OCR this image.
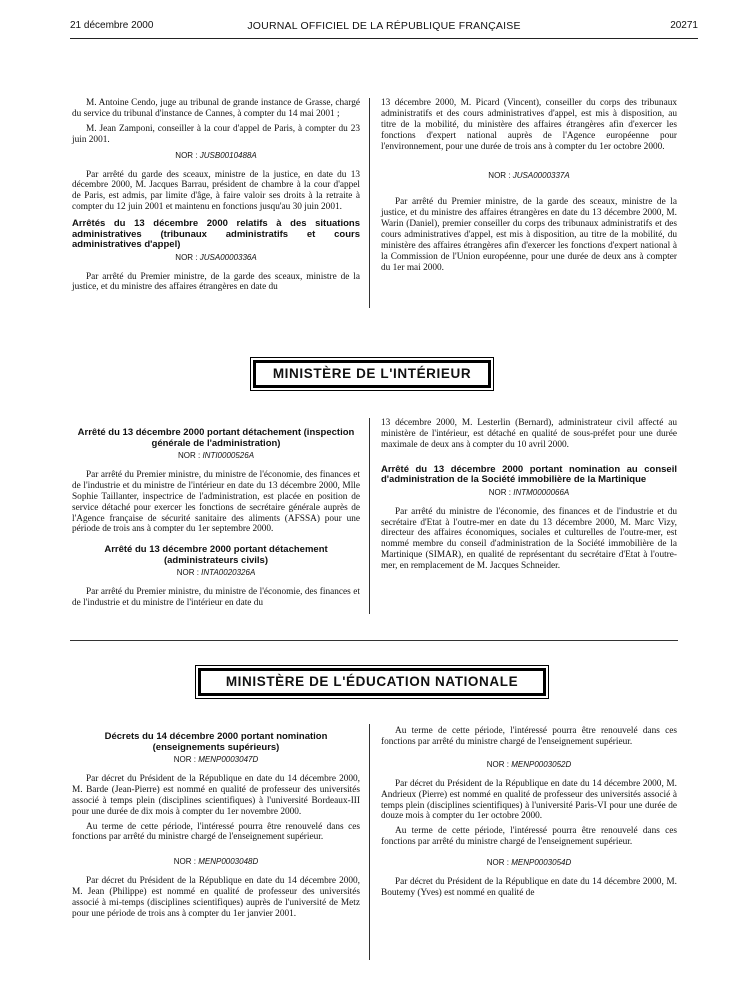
21 décembre 2000	JOURNAL OFFICIEL DE LA RÉPUBLIQUE FRANÇAISE	20271

M. Antoine Cendo, juge au tribunal de grande instance de Grasse, chargé du service du tribunal d'instance de Cannes, à compter du 14 mai 2001 ;

M. Jean Zamponi, conseiller à la cour d'appel de Paris, à compter du 23 juin 2001.

NOR : JUSB0010488A

Par arrêté du garde des sceaux, ministre de la justice, en date du 13 décembre 2000, M. Jacques Barrau, président de chambre à la cour d'appel de Paris, est admis, par limite d'âge, à faire valoir ses droits à la retraite à compter du 12 juin 2001 et maintenu en fonctions jusqu'au 30 juin 2001.

Arrêtés du 13 décembre 2000 relatifs à des situations administratives (tribunaux administratifs et cours administratives d'appel)
NOR : JUSA0000336A

Par arrêté du Premier ministre, de la garde des sceaux, ministre de la justice, et du ministre des affaires étrangères en date du

13 décembre 2000, M. Picard (Vincent), conseiller du corps des tribunaux administratifs et des cours administratives d'appel, est mis à disposition, au titre de la mobilité, du ministère des affaires étrangères afin d'exercer les fonctions d'expert national auprès de l'Agence européenne pour l'environnement, pour une durée de trois ans à compter du 1er octobre 2000.

NOR : JUSA0000337A

Par arrêté du Premier ministre, de la garde des sceaux, ministre de la justice, et du ministre des affaires étrangères en date du 13 décembre 2000, M. Warin (Daniel), premier conseiller du corps des tribunaux administratifs et des cours administratives d'appel, est mis à disposition, au titre de la mobilité, du ministère des affaires étrangères afin d'exercer les fonctions d'expert national à la Commission de l'Union européenne, pour une durée de deux ans à compter du 1er mai 2000.

MINISTÈRE DE L'INTÉRIEUR
Arrêté du 13 décembre 2000 portant détachement (inspection générale de l'administration)
NOR : INTI0000526A

Par arrêté du Premier ministre, du ministre de l'économie, des finances et de l'industrie et du ministre de l'intérieur en date du 13 décembre 2000, Mlle Sophie Taillanter, inspectrice de l'administration, est placée en position de service détaché pour exercer les fonctions de secrétaire générale auprès de l'Agence française de sécurité sanitaire des aliments (AFSSA) pour une période de trois ans à compter du 1er septembre 2000.

Arrêté du 13 décembre 2000 portant détachement (administrateurs civils)
NOR : INTA0020326A

Par arrêté du Premier ministre, du ministre de l'économie, des finances et de l'industrie et du ministre de l'intérieur en date du

13 décembre 2000, M. Lesterlin (Bernard), administrateur civil affecté au ministère de l'intérieur, est détaché en qualité de sous-préfet pour une durée maximale de deux ans à compter du 10 avril 2000.

Arrêté du 13 décembre 2000 portant nomination au conseil d'administration de la Société immobilière de la Martinique
NOR : INTM0000066A

Par arrêté du ministre de l'économie, des finances et de l'industrie et du secrétaire d'Etat à l'outre-mer en date du 13 décembre 2000, M. Marc Vizy, directeur des affaires économiques, sociales et culturelles de l'outre-mer, est nommé membre du conseil d'administration de la Société immobilière de la Martinique (SIMAR), en qualité de représentant du secrétaire d'Etat à l'outre-mer, en remplacement de M. Jacques Schneider.

MINISTÈRE DE L'ÉDUCATION NATIONALE
Décrets du 14 décembre 2000 portant nomination (enseignements supérieurs)
NOR : MENP0003047D

Par décret du Président de la République en date du 14 décembre 2000, M. Barde (Jean-Pierre) est nommé en qualité de professeur des universités associé à temps plein (disciplines scientifiques) à l'université Bordeaux-III pour une durée de dix mois à compter du 1er novembre 2000.

Au terme de cette période, l'intéressé pourra être renouvelé dans ces fonctions par arrêté du ministre chargé de l'enseignement supérieur.

NOR : MENP0003048D

Par décret du Président de la République en date du 14 décembre 2000, M. Jean (Philippe) est nommé en qualité de professeur des universités associé à mi-temps (disciplines scientifiques) auprès de l'université de Metz pour une période de trois ans à compter du 1er janvier 2001.

Au terme de cette période, l'intéressé pourra être renouvelé dans ces fonctions par arrêté du ministre chargé de l'enseignement supérieur.

NOR : MENP0003052D

Par décret du Président de la République en date du 14 décembre 2000, M. Andrieux (Pierre) est nommé en qualité de professeur des universités associé à temps plein (disciplines scientifiques) à l'université Paris-VI pour une durée de douze mois à compter du 1er octobre 2000.

Au terme de cette période, l'intéressé pourra être renouvelé dans ces fonctions par arrêté du ministre chargé de l'enseignement supérieur.

NOR : MENP0003054D

Par décret du Président de la République en date du 14 décembre 2000, M. Boutemy (Yves) est nommé en qualité de
